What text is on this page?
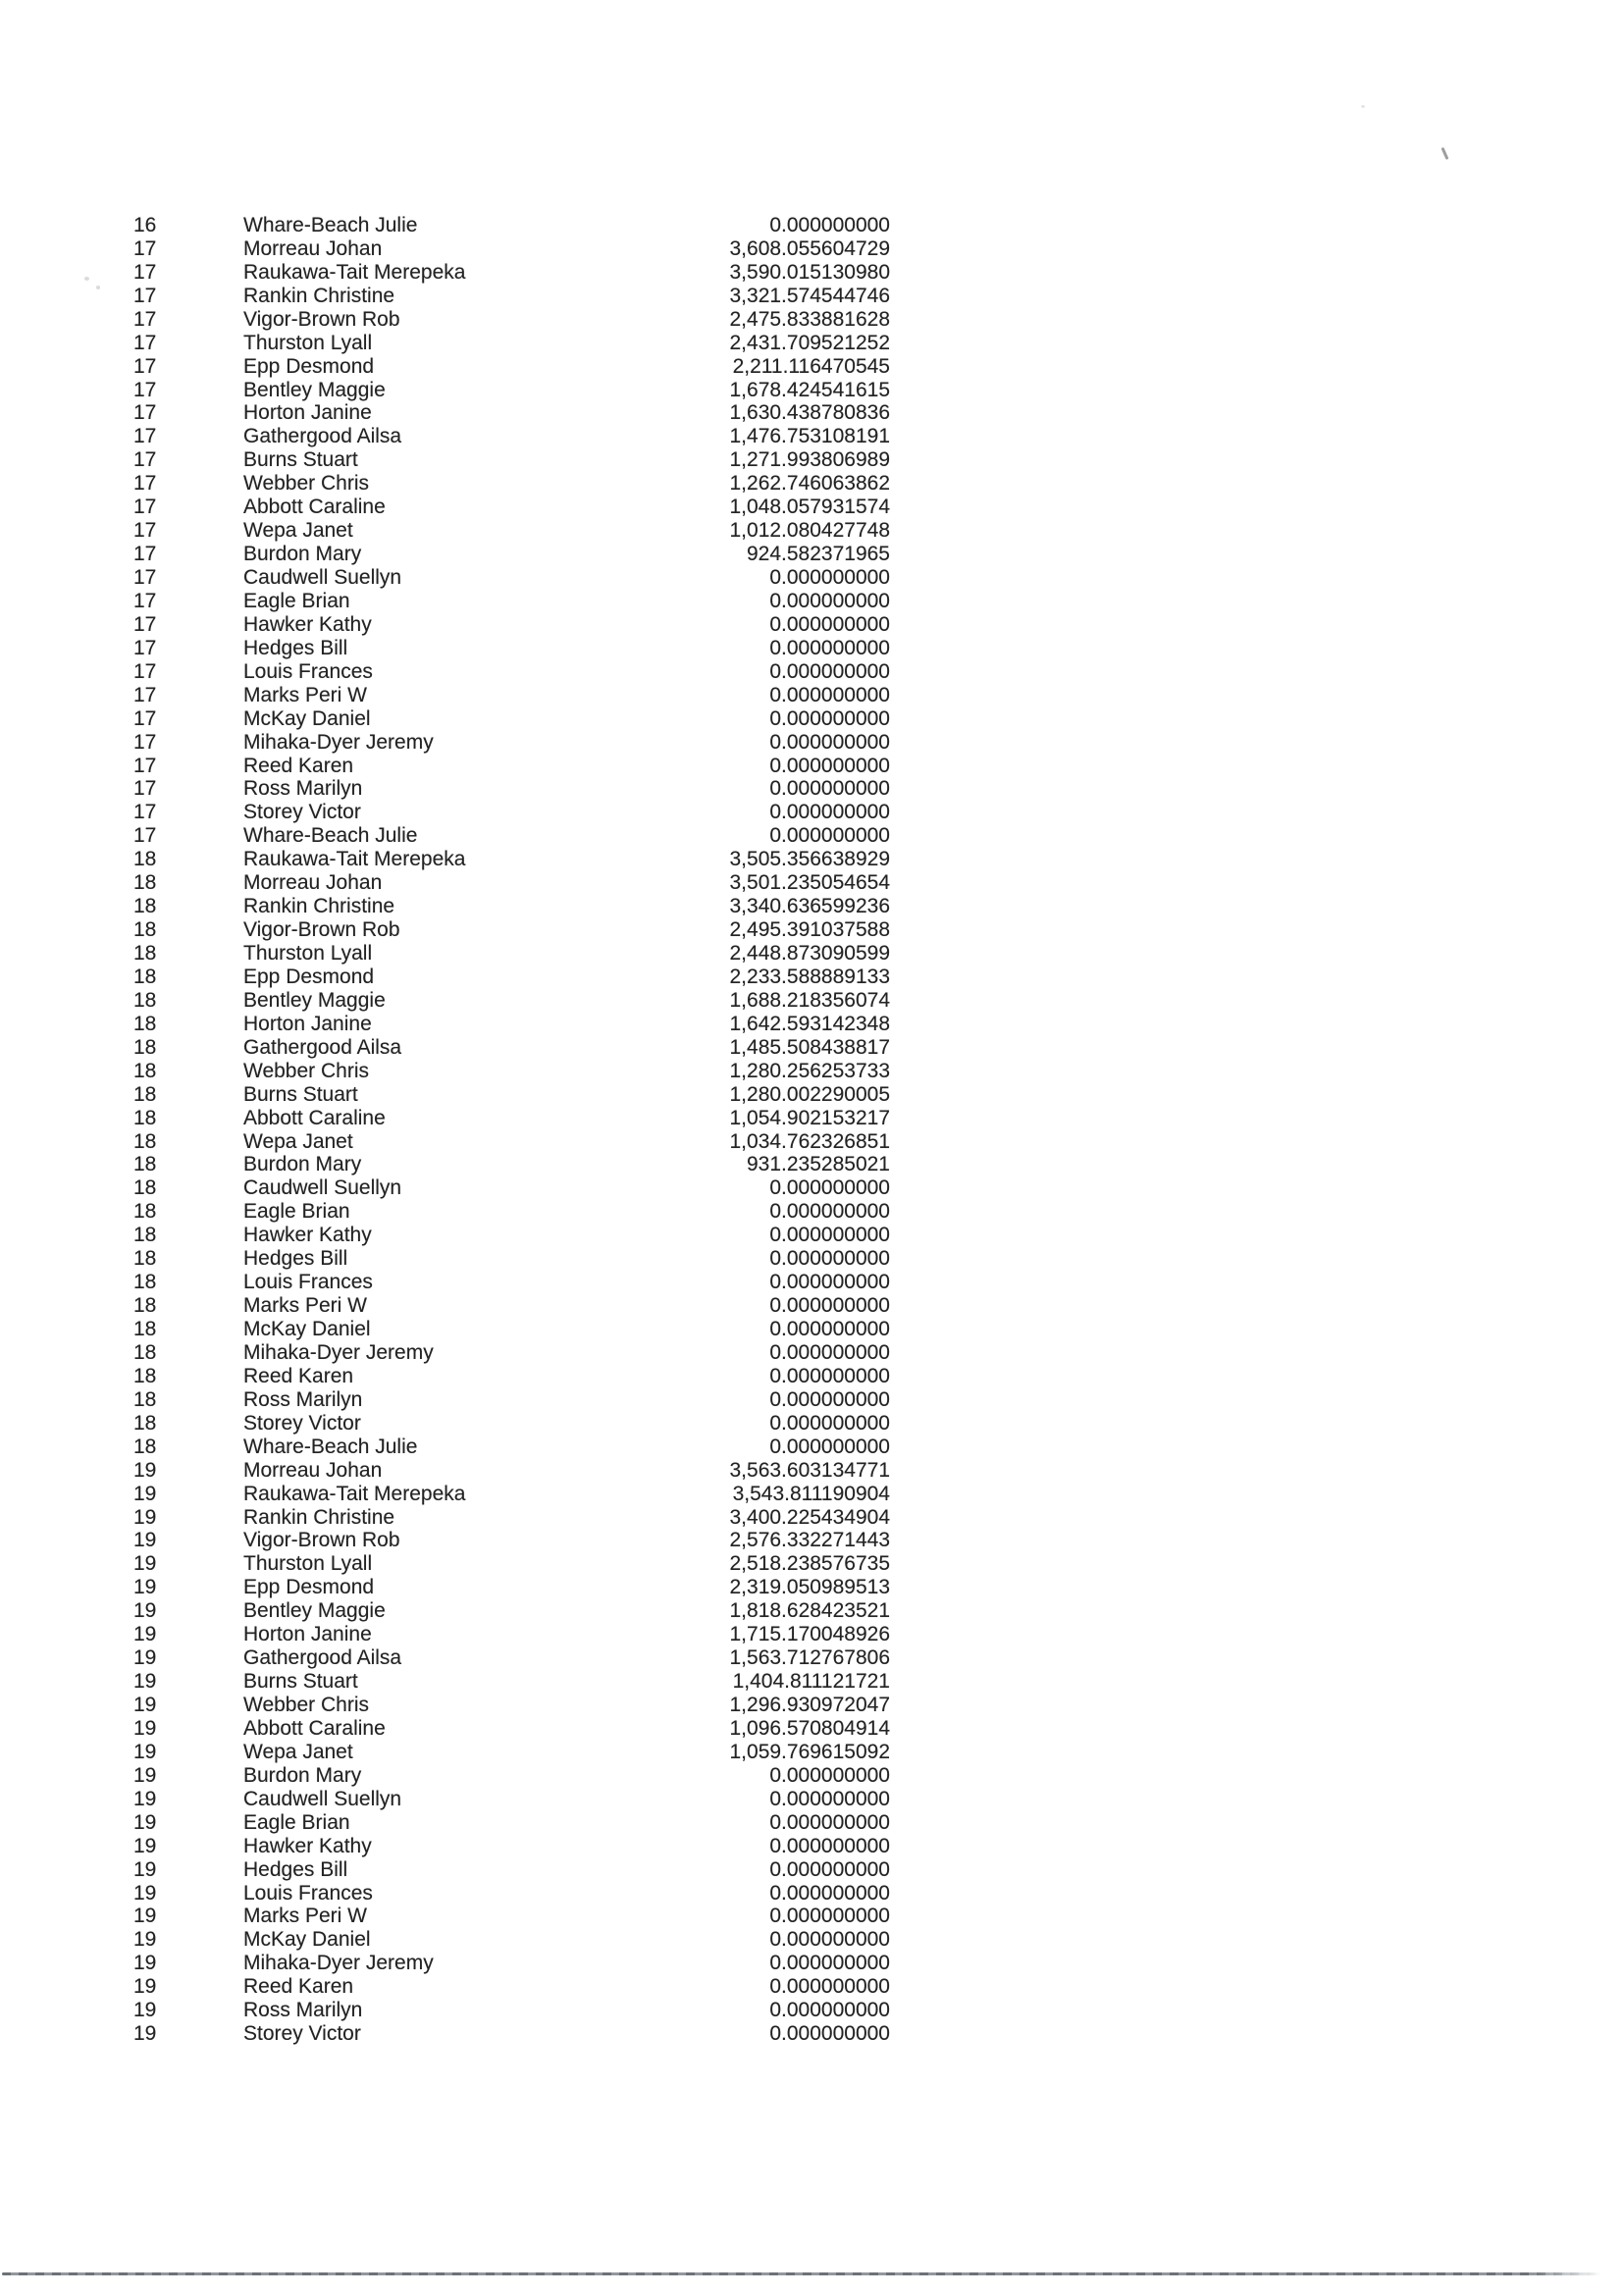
16	Whare-Beach Julie	0.000000000
17	Morreau Johan	3,608.055604729
17	Raukawa-Tait Merepeka	3,590.015130980
17	Rankin Christine	3,321.574544746
17	Vigor-Brown Rob	2,475.833881628
17	Thurston Lyall	2,431.709521252
17	Epp Desmond	2,211.116470545
17	Bentley Maggie	1,678.424541615
17	Horton Janine	1,630.438780836
17	Gathergood Ailsa	1,476.753108191
17	Burns Stuart	1,271.993806989
17	Webber Chris	1,262.746063862
17	Abbott Caraline	1,048.057931574
17	Wepa Janet	1,012.080427748
17	Burdon Mary	924.582371965
17	Caudwell Suellyn	0.000000000
17	Eagle Brian	0.000000000
17	Hawker Kathy	0.000000000
17	Hedges Bill	0.000000000
17	Louis Frances	0.000000000
17	Marks Peri W	0.000000000
17	McKay Daniel	0.000000000
17	Mihaka-Dyer Jeremy	0.000000000
17	Reed Karen	0.000000000
17	Ross Marilyn	0.000000000
17	Storey Victor	0.000000000
17	Whare-Beach Julie	0.000000000
18	Raukawa-Tait Merepeka	3,505.356638929
18	Morreau Johan	3,501.235054654
18	Rankin Christine	3,340.636599236
18	Vigor-Brown Rob	2,495.391037588
18	Thurston Lyall	2,448.873090599
18	Epp Desmond	2,233.588889133
18	Bentley Maggie	1,688.218356074
18	Horton Janine	1,642.593142348
18	Gathergood Ailsa	1,485.508438817
18	Webber Chris	1,280.256253733
18	Burns Stuart	1,280.002290005
18	Abbott Caraline	1,054.902153217
18	Wepa Janet	1,034.762326851
18	Burdon Mary	931.235285021
18	Caudwell Suellyn	0.000000000
18	Eagle Brian	0.000000000
18	Hawker Kathy	0.000000000
18	Hedges Bill	0.000000000
18	Louis Frances	0.000000000
18	Marks Peri W	0.000000000
18	McKay Daniel	0.000000000
18	Mihaka-Dyer Jeremy	0.000000000
18	Reed Karen	0.000000000
18	Ross Marilyn	0.000000000
18	Storey Victor	0.000000000
18	Whare-Beach Julie	0.000000000
19	Morreau Johan	3,563.603134771
19	Raukawa-Tait Merepeka	3,543.811190904
19	Rankin Christine	3,400.225434904
19	Vigor-Brown Rob	2,576.332271443
19	Thurston Lyall	2,518.238576735
19	Epp Desmond	2,319.050989513
19	Bentley Maggie	1,818.628423521
19	Horton Janine	1,715.170048926
19	Gathergood Ailsa	1,563.712767806
19	Burns Stuart	1,404.811121721
19	Webber Chris	1,296.930972047
19	Abbott Caraline	1,096.570804914
19	Wepa Janet	1,059.769615092
19	Burdon Mary	0.000000000
19	Caudwell Suellyn	0.000000000
19	Eagle Brian	0.000000000
19	Hawker Kathy	0.000000000
19	Hedges Bill	0.000000000
19	Louis Frances	0.000000000
19	Marks Peri W	0.000000000
19	McKay Daniel	0.000000000
19	Mihaka-Dyer Jeremy	0.000000000
19	Reed Karen	0.000000000
19	Ross Marilyn	0.000000000
19	Storey Victor	0.000000000
